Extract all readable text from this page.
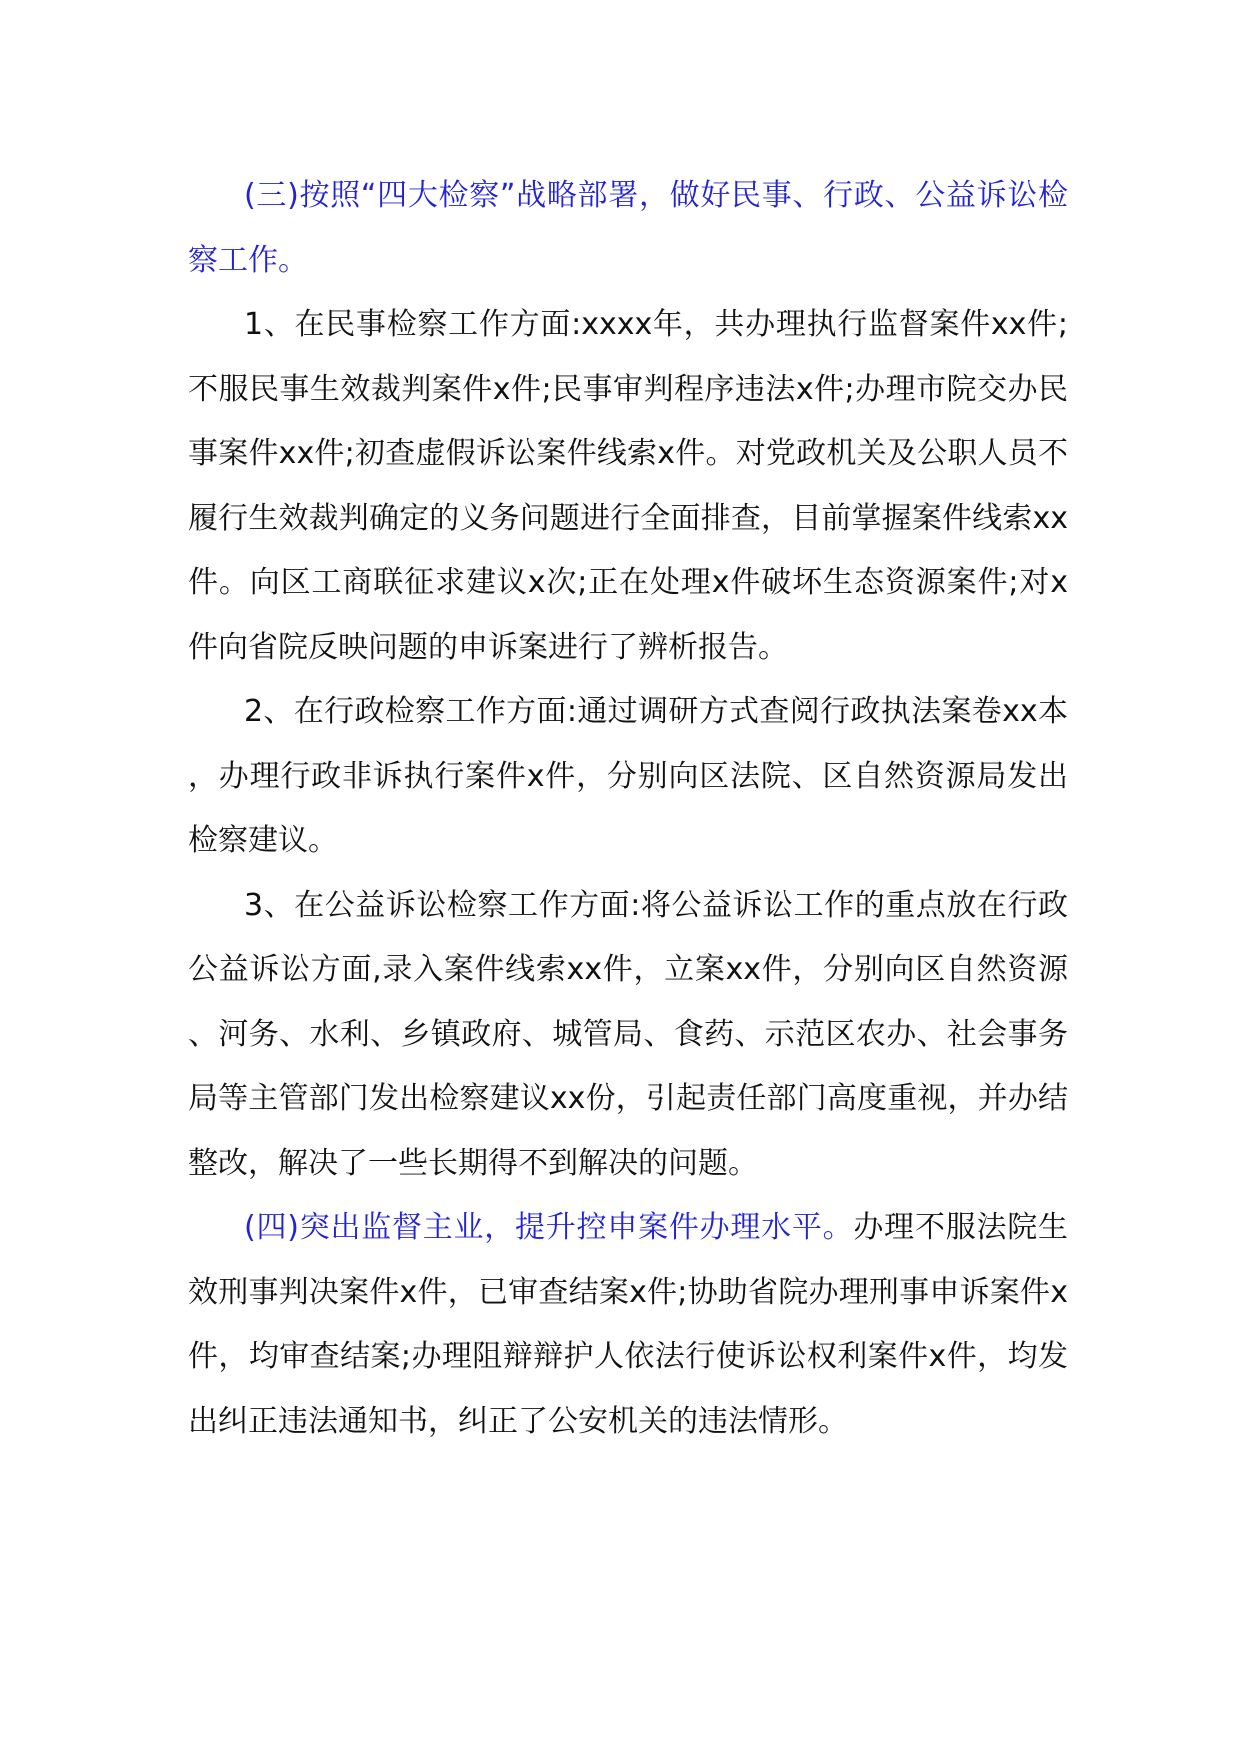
(三)按照“四大检察”战略部署，做好民事、行政、公益诉讼检察工作。

1、在民事检察工作方面:xxxx年，共办理执行监督案件xx件;不服民事生效裁判案件x件;民事审判程序违法x件;办理市院交办民事案件xx件;初查虚假诉讼案件线索x件。对党政机关及公职人员不履行生效裁判确定的义务问题进行全面排查，目前掌握案件线索xx件。向区工商联征求建议x次;正在处理x件破坏生态资源案件;对x件向省院反映问题的申诉案进行了辨析报告。

2、在行政检察工作方面:通过调研方式查阅行政执法案卷xx本，办理行政非诉执行案件x件，分别向区法院、区自然资源局发出检察建议。

3、在公益诉讼检察工作方面:将公益诉讼工作的重点放在行政公益诉讼方面,录入案件线索xx件，立案xx件，分别向区自然资源、河务、水利、乡镇政府、城管局、食药、示范区农办、社会事务局等主管部门发出检察建议xx份，引起责任部门高度重视，并办结整改，解决了一些长期得不到解决的问题。

(四)突出监督主业，提升控申案件办理水平。办理不服法院生效刑事判决案件x件，已审查结案x件;协助省院办理刑事申诉案件x件，均审查结案;办理阻辩辩护人依法行使诉讼权利案件x件，均发出纠正违法通知书，纠正了公安机关的违法情形。
